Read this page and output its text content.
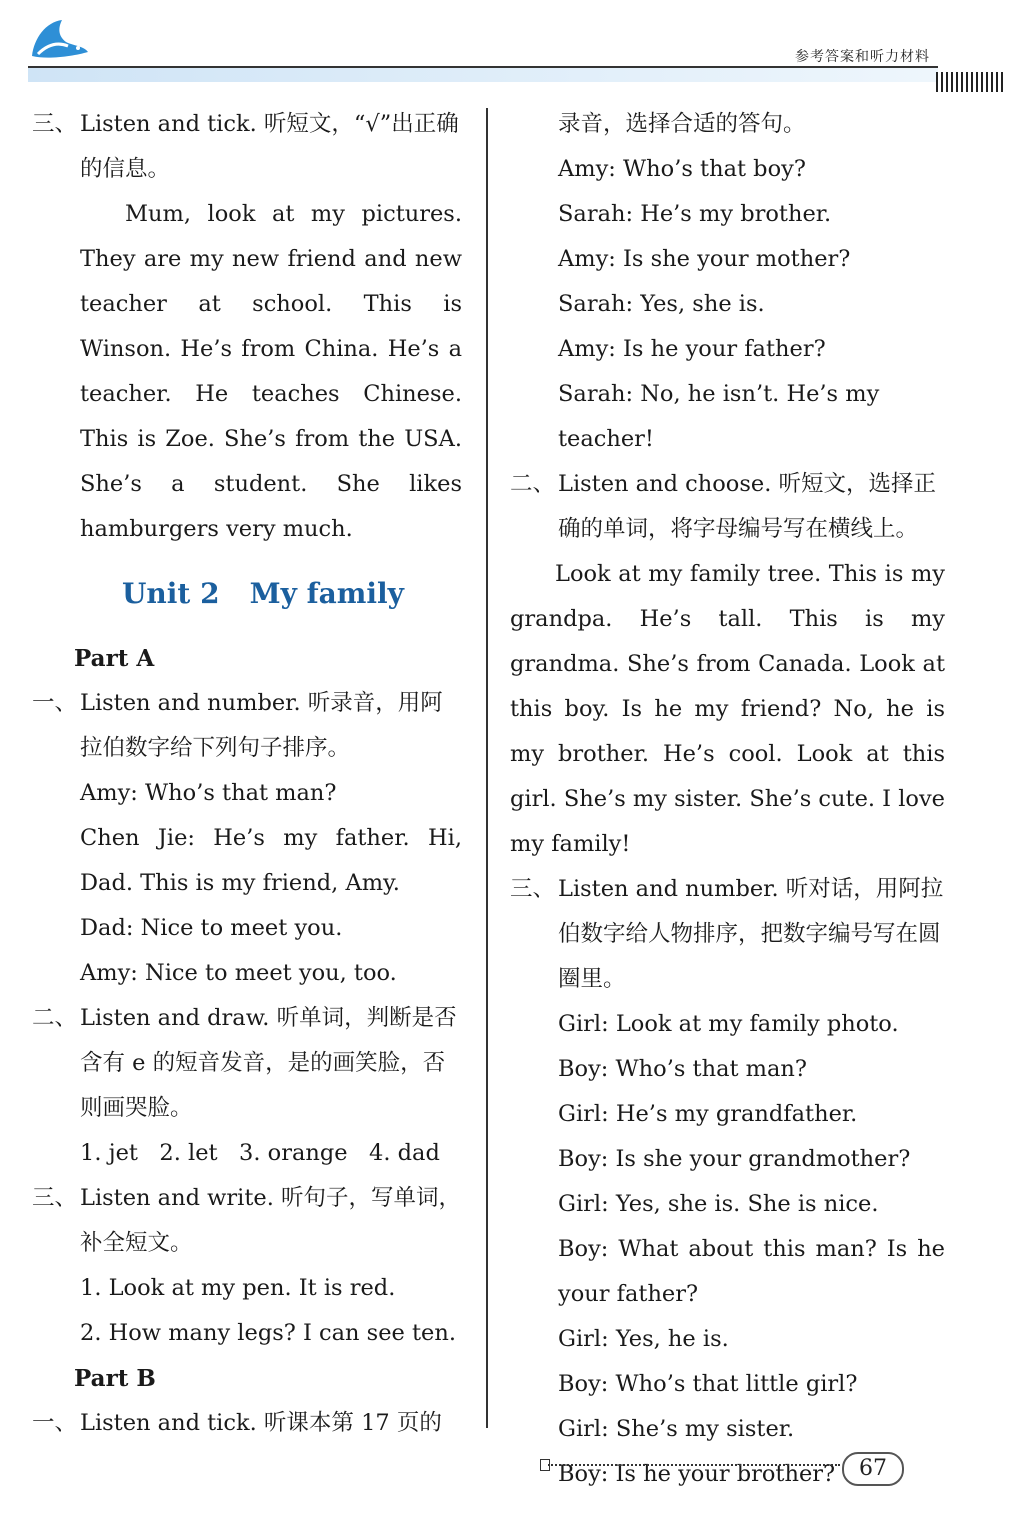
参考答案和听力材料
三、 Listen and tick. 听短文，“√”出正确的信息。
Mum, look at my pictures. They are my new friend and new teacher at school. This is Winson. He’s from China. He’s a teacher. He teaches Chinese. This is Zoe. She’s from the USA. She’s a student. She likes hamburgers very much.
Unit 2 My family
Part A
一、 Listen and number. 听录音，用阿拉伯数字给下列句子排序。
Amy: Who’s that man?
Chen Jie: He’s my father. Hi, Dad. This is my friend, Amy.
Dad: Nice to meet you.
Amy: Nice to meet you, too.
二、 Listen and draw. 听单词，判断是否含有 e 的短音发音，是的画笑脸，否则画哭脸。
1. jet   2. let   3. orange   4. dad
三、 Listen and write. 听句子，写单词，补全短文。
1. Look at my pen. It is red.
2. How many legs? I can see ten.
Part B
一、 Listen and tick. 听课本第 17 页的
录音，选择合适的答句。
Amy: Who’s that boy?
Sarah: He’s my brother.
Amy: Is she your mother?
Sarah: Yes, she is.
Amy: Is he your father?
Sarah: No, he isn’t. He’s my teacher!
二、 Listen and choose. 听短文，选择正确的单词，将字母编号写在横线上。
Look at my family tree. This is my grandpa. He’s tall. This is my grandma. She’s from Canada. Look at this boy. Is he my friend? No, he is my brother. He’s cool. Look at this girl. She’s my sister. She’s cute. I love my family!
三、 Listen and number. 听对话，用阿拉伯数字给人物排序，把数字编号写在圆圈里。
Girl: Look at my family photo.
Boy: Who’s that man?
Girl: He’s my grandfather.
Boy: Is she your grandmother?
Girl: Yes, she is. She is nice.
Boy: What about this man? Is he your father?
Girl: Yes, he is.
Boy: Who’s that little girl?
Girl: She’s my sister.
Boy: Is he your brother?	67
